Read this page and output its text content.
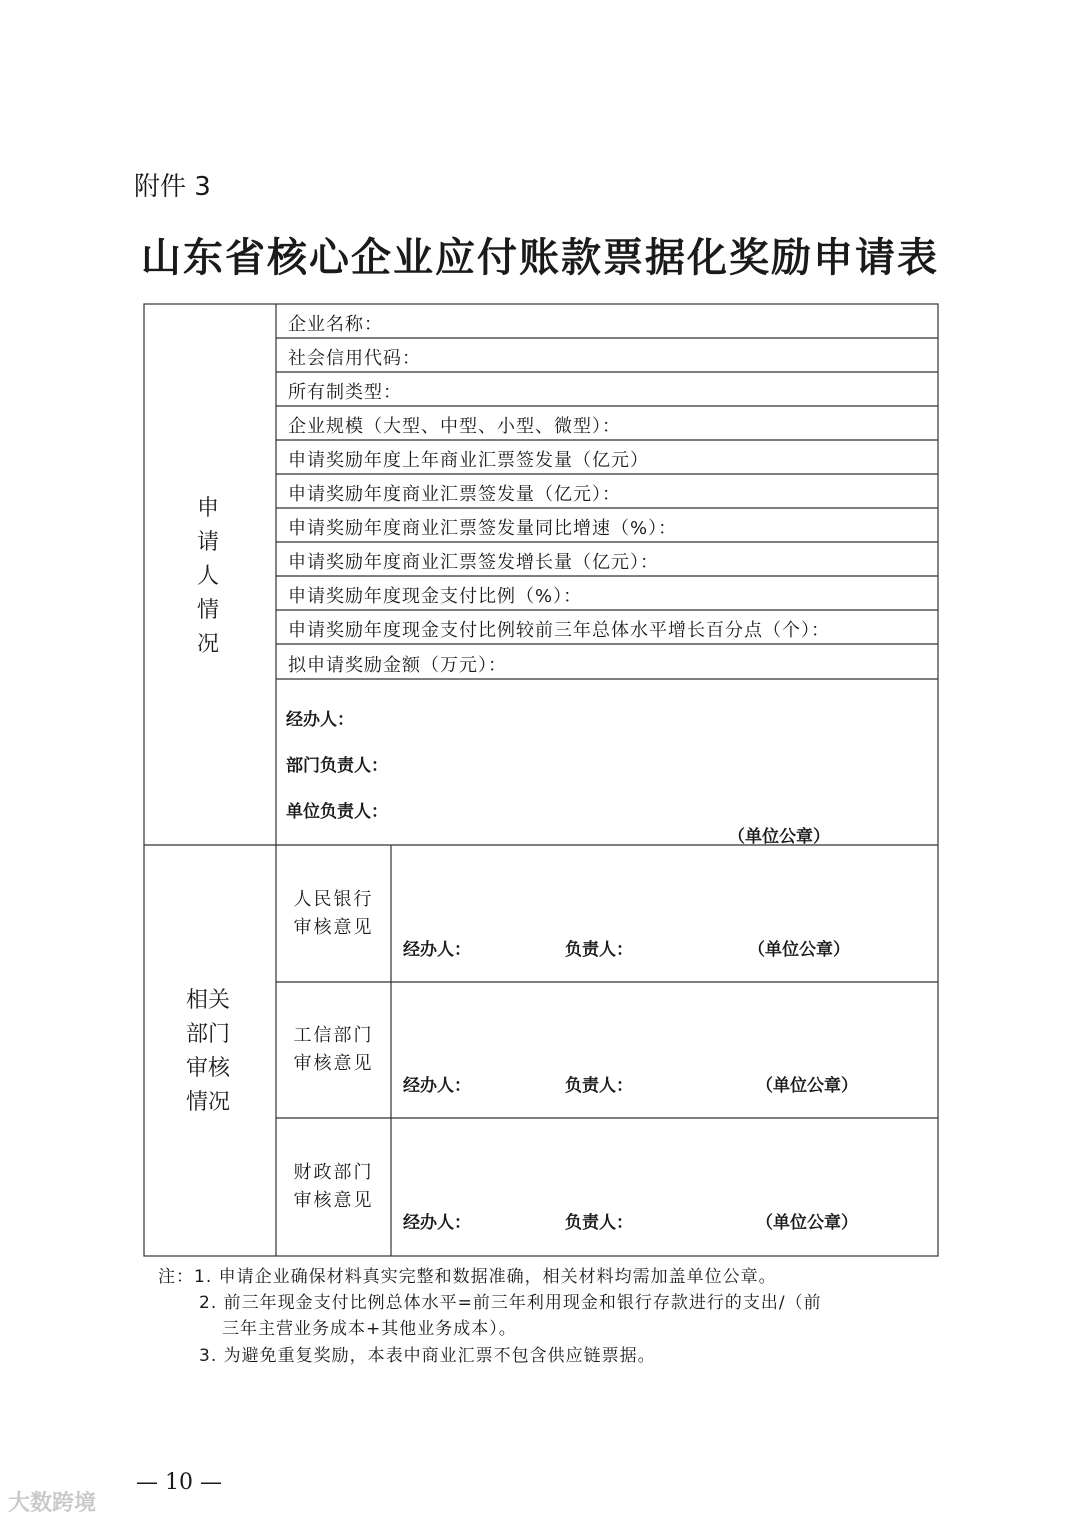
附件 3
山东省核心企业应付账款票据化奖励申请表
申
请
人
情
况
企业名称：
社会信用代码：
所有制类型：
企业规模（大型、中型、小型、微型）：
申请奖励年度上年商业汇票签发量（亿元）
申请奖励年度商业汇票签发量（亿元）：
申请奖励年度商业汇票签发量同比增速（%）：
申请奖励年度商业汇票签发增长量（亿元）：
申请奖励年度现金支付比例（%）：
申请奖励年度现金支付比例较前三年总体水平增长百分点（个）：
拟申请奖励金额（万元）：
经办人：
部门负责人：
单位负责人：
（单位公章）
相关
部门
审核
情况
人民银行
审核意见
经办人：	负责人：	（单位公章）
工信部门
审核意见
经办人：	负责人：	（单位公章）
财政部门
审核意见
经办人：	负责人：	（单位公章）
注：1. 申请企业确保材料真实完整和数据准确，相关材料均需加盖单位公章。
2. 前三年现金支付比例总体水平=前三年利用现金和银行存款进行的支出/（前
三年主营业务成本+其他业务成本）。
3. 为避免重复奖励，本表中商业汇票不包含供应链票据。
— 10 —
大数跨境
